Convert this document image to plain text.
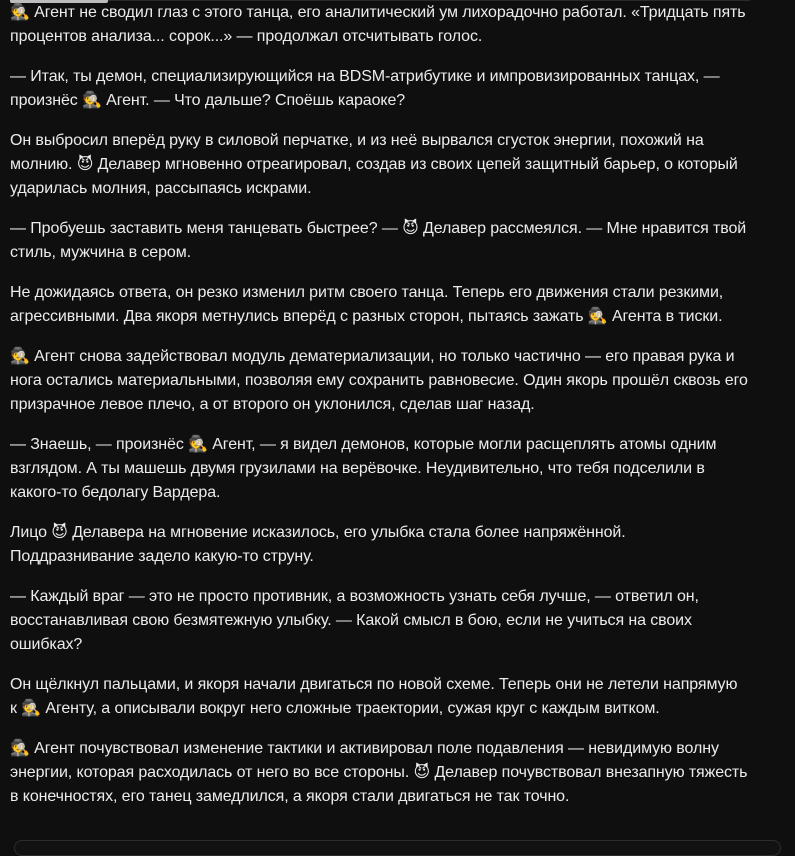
🕵 Агент не сводил глаз с этого танца, его аналитический ум лихорадочно работал. «Тридцать пять процентов анализа... сорок...» — продолжал отсчитывать голос.

— Итак, ты демон, специализирующийся на BDSM-атрибутике и импровизированных танцах, — произнёс 🕵 Агент. — Что дальше? Споёшь караоке?

Он выбросил вперёд руку в силовой перчатке, и из неё вырвался сгусток энергии, похожий на молнию. 😈 Делавер мгновенно отреагировал, создав из своих цепей защитный барьер, о который ударилась молния, рассыпаясь искрами.

— Пробуешь заставить меня танцевать быстрее? — 😈 Делавер рассмеялся. — Мне нравится твой стиль, мужчина в сером.

Не дожидаясь ответа, он резко изменил ритм своего танца. Теперь его движения стали резкими, агрессивными. Два якоря метнулись вперёд с разных сторон, пытаясь зажать 🕵 Агента в тиски.

🕵 Агент снова задействовал модуль дематериализации, но только частично — его правая рука и нога остались материальными, позволяя ему сохранить равновесие. Один якорь прошёл сквозь его призрачное левое плечо, а от второго он уклонился, сделав шаг назад.

— Знаешь, — произнёс 🕵 Агент, — я видел демонов, которые могли расщеплять атомы одним взглядом. А ты машешь двумя грузилами на верёвочке. Неудивительно, что тебя подселили в какого-то бедолагу Вардера.

Лицо 😈 Делавера на мгновение исказилось, его улыбка стала более напряжённой. Поддразнивание задело какую-то струну.

— Каждый враг — это не просто противник, а возможность узнать себя лучше, — ответил он, восстанавливая свою безмятежную улыбку. — Какой смысл в бою, если не учиться на своих ошибках?

Он щёлкнул пальцами, и якоря начали двигаться по новой схеме. Теперь они не летели напрямую к 🕵 Агенту, а описывали вокруг него сложные траектории, сужая круг с каждым витком.

🕵 Агент почувствовал изменение тактики и активировал поле подавления — невидимую волну энергии, которая расходилась от него во все стороны. 😈 Делавер почувствовал внезапную тяжесть в конечностях, его танец замедлился, а якоря стали двигаться не так точно.
